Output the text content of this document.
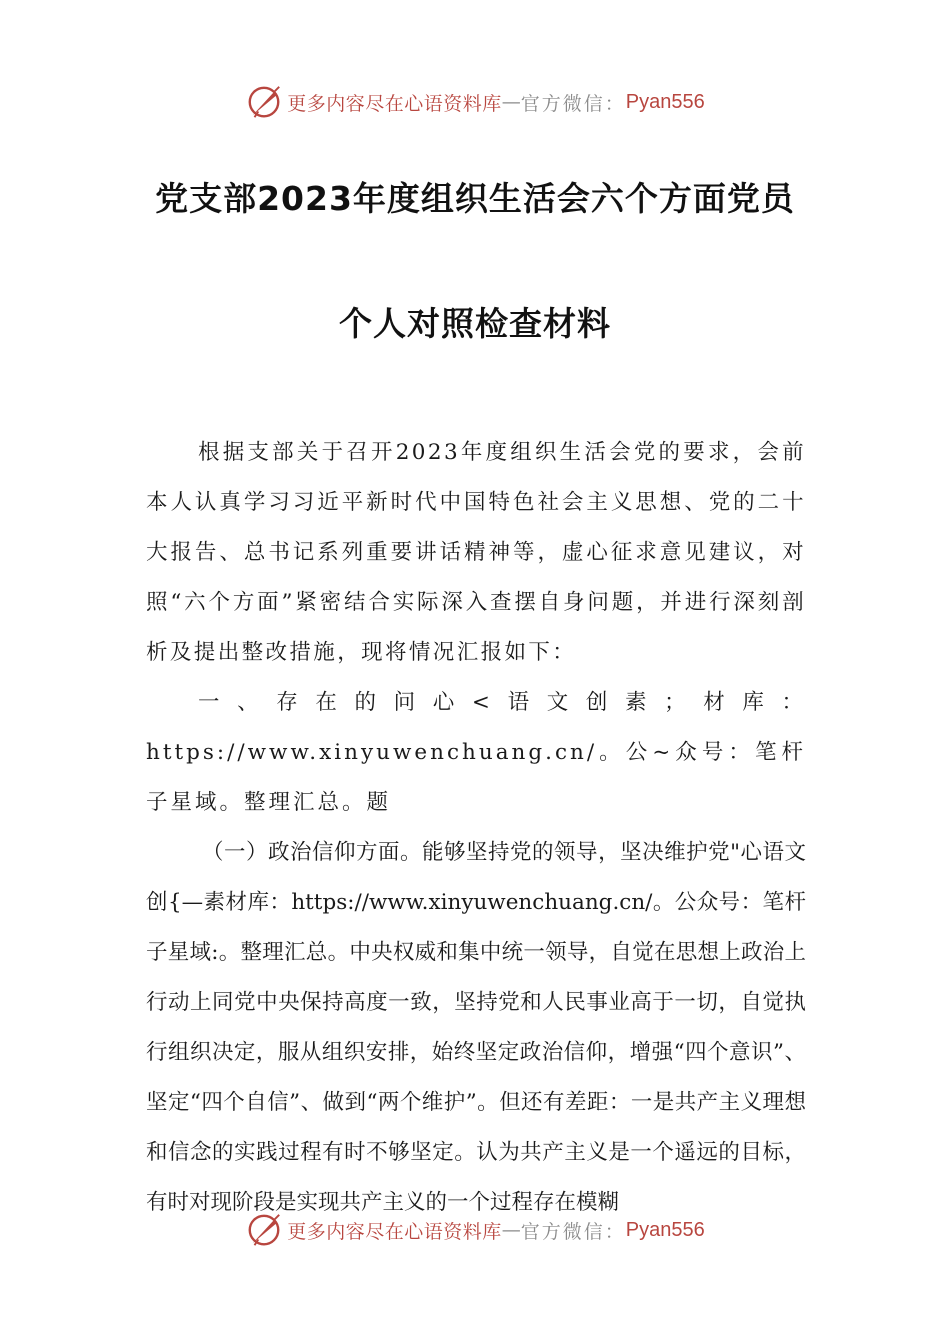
更多内容尽在心语资料库 — 官方微信： Pyan556
党支部2023年度组织生活会六个方面党员
个人对照检查材料

根据支部关于召开2023年度组织生活会党的要求，会前本人认真学习习近平新时代中国特色社会主义思想、党的二十大报告、总书记系列重要讲话精神等，虚心征求意见建议，对照“六个方面”紧密结合实际深入查摆自身问题，并进行深刻剖析及提出整改措施，现将情况汇报如下：

一、存在的问心<语文创素；材库：https://www.xinyuwenchuang.cn/。公~众号：笔杆子星域。整理汇总。题

（一）政治信仰方面。能够坚持党的领导，坚决维护党"心语文创{—素材库：https://www.xinyuwenchuang.cn/。公众号：笔杆子星域:。整理汇总。中央权威和集中统一领导，自觉在思想上政治上行动上同党中央保持高度一致，坚持党和人民事业高于一切，自觉执行组织决定，服从组织安排，始终坚定政治信仰，增强“四个意识”、坚定“四个自信”、做到“两个维护”。但还有差距：一是共产主义理想和信念的实践过程有时不够坚定。认为共产主义是一个遥远的目标，有时对现阶段是实现共产主义的一个过程存在模糊

更多内容尽在心语资料库 — 官方微信： Pyan556
